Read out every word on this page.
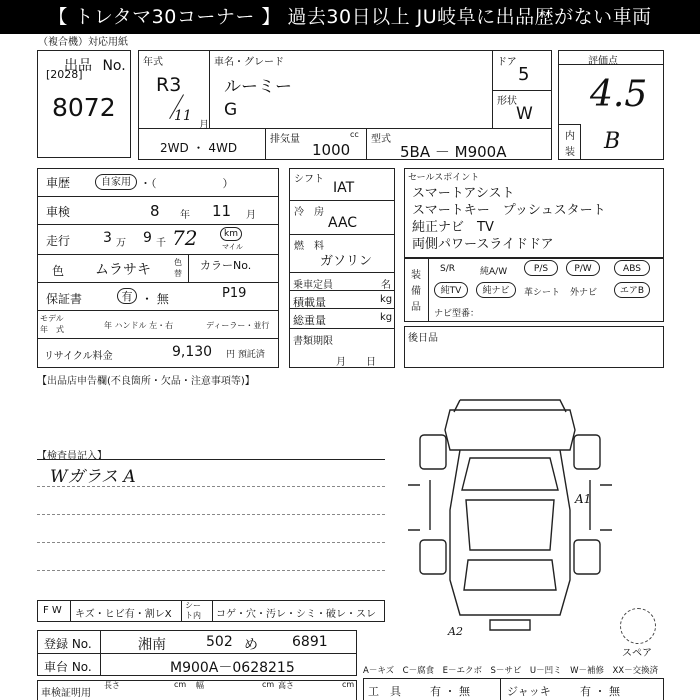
【 トレタマ30コーナー 】 過去30日以上 JU岐阜に出品歴がない車両
（複合機）対応用紙
出品 No.
[2028]
8072
年式
R3
11
月
車名・グレード
ルーミー
G
ドア
5
形状
W
2WD ・ 4WD
排気量	cc
1000
型式
5BA － M900A
評価点
4.5
内
装 B
車歴	自家用 ・（　　　　　　）
車検	8 年 11 月
走行 3 万 9 千 72	km
マイル
色 ムラサキ	色
替
カラーNo.
P19
保証書	有 ・ 無
モデル
年　式	年 ハンドル 左・右	ディーラー・並行
リサイクル料金	9,130 円 預託済
シフト
IAT
冷　房
AAC
燃　料
ガソリン
乗車定員	名
積載量	kg
総重量	kg
書類期限
月　　日
セールスポイント
スマートアシスト
スマートキー　プッシュスタート
純正ナビ　TV
両側パワースライドドア
装
備
品
S/R	純A/W	P/S	P/W	ABS
純TV	純ナビ	革シート 外ナビ	エアB
ナビ型番：
後日品
【出品店申告欄(不良箇所・欠品・注意事項等)】
【検査員記入】
Wガラス A
F W キズ・ヒビ有・割レX
シー
ト内 コゲ・穴・汚レ・シミ・破レ・スレ
登録 No.	湘南	502 め 6891
車台 No.	M900A－0628215
車検証明用
長さ	cm 幅	cm 高さ	cm
A－キズ　C－腐食　E－エクボ　S－サビ　U－凹ミ　W－補修　XX－交換済
工　具	有 ・ 無	ジャッキ	有 ・ 無
A1
A2
スペア
